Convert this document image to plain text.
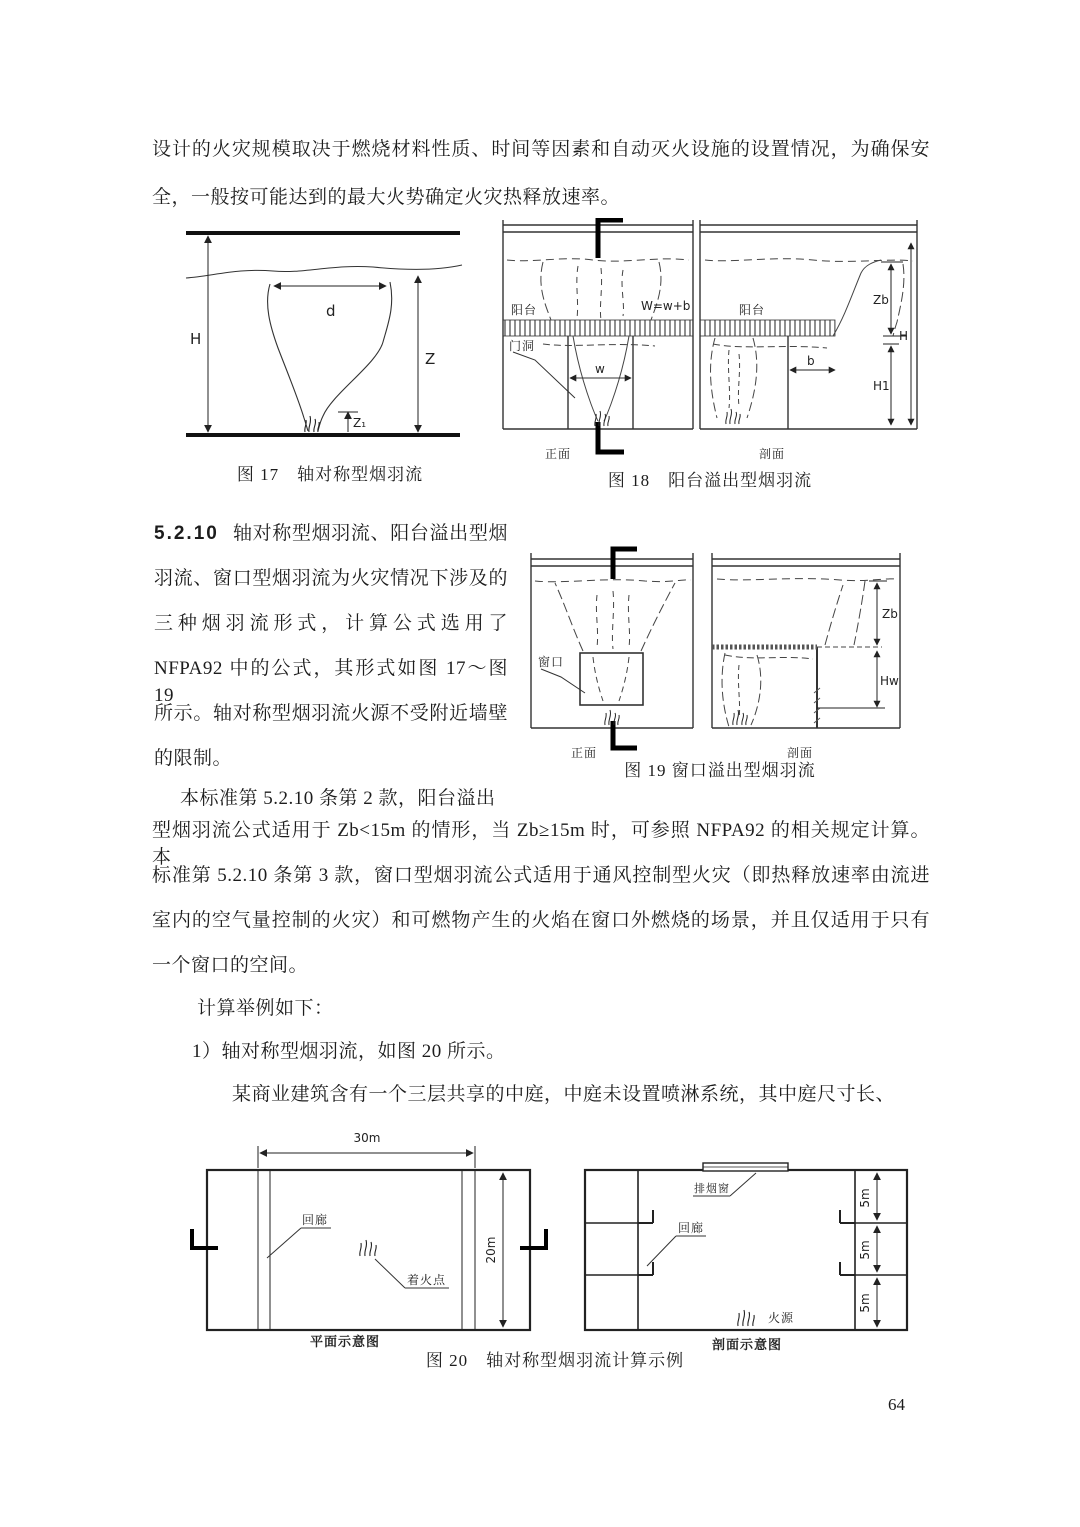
设计的火灾规模取决于燃烧材料性质、时间等因素和自动灭火设施的设置情况，为确保安
全，一般按可能达到的最大火势确定火灾热释放速率。
H
d
Z
Z₁
图 17　轴对称型烟羽流
阳台	W=w+b
门洞
w
正面
阳台
b
Zb
H
H1
剖面
图 18　阳台溢出型烟羽流
5.2.10 轴对称型烟羽流、阳台溢出型烟
羽流、窗口型烟羽流为火灾情况下涉及的
三种烟羽流形式，计算公式选用了
NFPA92 中的公式，其形式如图 17～图 19
所示。轴对称型烟羽流火源不受附近墙壁
的限制。
本标准第 5.2.10 条第 2 款，阳台溢出
窗口
正面
Zb
Hw
剖面
图 19 窗口溢出型烟羽流
型烟羽流公式适用于 Zb<15m 的情形，当 Zb≥15m 时，可参照 NFPA92 的相关规定计算。本
标准第 5.2.10 条第 3 款，窗口型烟羽流公式适用于通风控制型火灾（即热释放速率由流进
室内的空气量控制的火灾）和可燃物产生的火焰在窗口外燃烧的场景，并且仅适用于只有
一个窗口的空间。
计算举例如下：
1）轴对称型烟羽流，如图 20 所示。
某商业建筑含有一个三层共享的中庭，中庭未设置喷淋系统，其中庭尺寸长、
30m
20m
回廊
着火点
平面示意图
排烟窗
回廊
火源
5m
5m
5m
剖面示意图
图 20　轴对称型烟羽流计算示例
64
